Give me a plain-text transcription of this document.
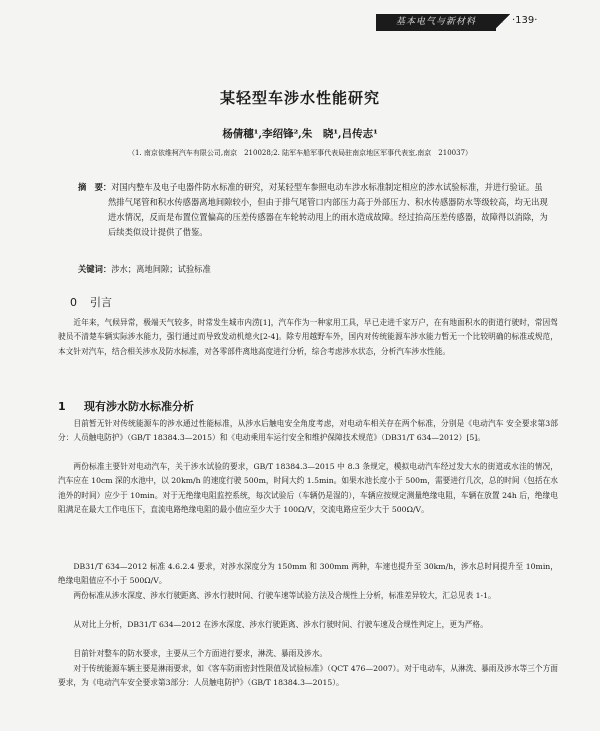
基本电气与新材料	·139·
某轻型车涉水性能研究
杨倩穗¹,李绍锋²,朱　晓¹,吕传志¹
（1. 南京依维柯汽车有限公司,南京　210028;2. 陆军车船军事代表局驻南京地区军事代表室,南京　210037）
摘　要：对国内整车及电子电器件防水标准的研究，对某轻型车参照电动车涉水标准制定相应的涉水试验标准，并进行验证。虽然排气尾管和积水传感器离地间隙较小，但由于排气尾管口内部压力高于外部压力、积水传感器防水等级较高，均无出现进水情况，反而是布置位置偏高的压差传感器在车轮转动甩上的雨水造成故障。经过抬高压差传感器，故障得以消除，为后续类似设计提供了借鉴。
关键词：涉水；离地间隙；试验标准
0 引言
近年来，气候异常，极端天气较多，时常发生城市内涝[1]，汽车作为一种家用工具，早已走进千家万户，在有地面积水的街道行驶时，常因驾驶员不清楚车辆实际涉水能力，强行通过而导致发动机熄火[2-4]。除专用越野车外，国内对传统能源车涉水能力暂无一个比较明确的标准或规范，本文针对汽车，结合相关涉水及防水标准，对各零部件离地高度进行分析，综合考虑涉水状态，分析汽车涉水性能。
1 现有涉水防水标准分析
目前暂无针对传统能源车的涉水通过性能标准，从涉水后触电安全角度考虑，对电动车相关存在两个标准，分别是《电动汽车 安全要求第3部分：人员触电防护》（GB/T 18384.3—2015）和《电动乘用车运行安全和维护保障技术规范》（DB31/T 634—2012）[5]。
两份标准主要针对电动汽车，关于涉水试验的要求，GB/T 18384.3—2015 中 8.3 条规定，模拟电动汽车经过发大水的街道或水洼的情况，汽车应在 10cm 深的水池中，以 20km/h 的速度行驶 500m，时间大约 1.5min。如果水池长度小于 500m，需要进行几次，总的时间（包括在水池外的时间）应少于 10min。对于无绝缘电阻监控系统，每次试验后（车辆仍是湿的），车辆应按规定测量绝缘电阻，车辆在放置 24h 后，绝缘电阻满足在最大工作电压下，直流电路绝缘电阻的最小值应至少大于 100Ω/V，交流电路应至少大于 500Ω/V。
DB31/T 634—2012 标准 4.6.2.4 要求，对涉水深度分为 150mm 和 300mm 两种，车速也提升至 30km/h，涉水总时间提升至 10min，绝缘电阻值应不小于 500Ω/V。
两份标准从涉水深度、涉水行驶距离、涉水行驶时间、行驶车速等试验方法及合规性上分析，标准差异较大，汇总见表 1-1。
从对比上分析，DB31/T 634—2012 在涉水深度、涉水行驶距离、涉水行驶时间、行驶车速及合规性判定上，更为严格。
目前针对整车的防水要求，主要从三个方面进行要求，淋洗、暴雨及涉水。
对于传统能源车辆主要是淋雨要求，如《客车防雨密封性限值及试验标准》（QCT 476—2007）。对于电动车，从淋洗、暴雨及涉水等三个方面要求，为《电动汽车安全要求第3部分：人员触电防护》（GB/T 18384.3—2015）。
